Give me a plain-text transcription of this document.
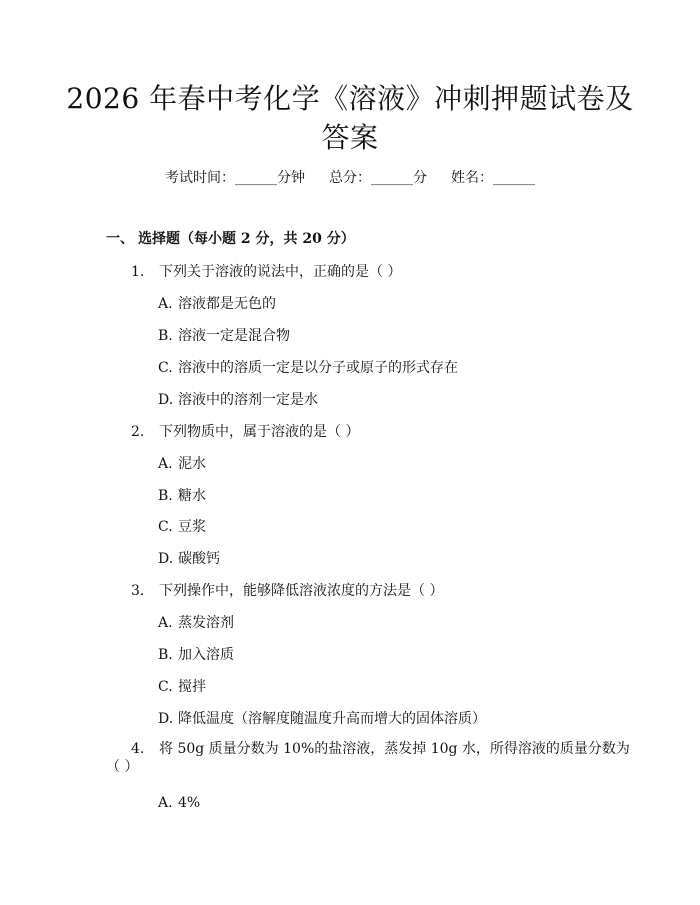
2026 年春中考化学《溶液》冲刺押题试卷及
答案
考试时间：______分钟 总分：______分 姓名：______
一、 选择题（每小题 2 分，共 20 分）
1. 下列关于溶液的说法中，正确的是（ ）
A. 溶液都是无色的
B. 溶液一定是混合物
C. 溶液中的溶质一定是以分子或原子的形式存在
D. 溶液中的溶剂一定是水
2. 下列物质中，属于溶液的是（ ）
A. 泥水
B. 糖水
C. 豆浆
D. 碳酸钙
3. 下列操作中，能够降低溶液浓度的方法是（ ）
A. 蒸发溶剂
B. 加入溶质
C. 搅拌
D. 降低温度（溶解度随温度升高而增大的固体溶质）
4. 将 50g 质量分数为 10%的盐溶液，蒸发掉 10g 水，所得溶液的质量分数为
（ ）
A. 4%
